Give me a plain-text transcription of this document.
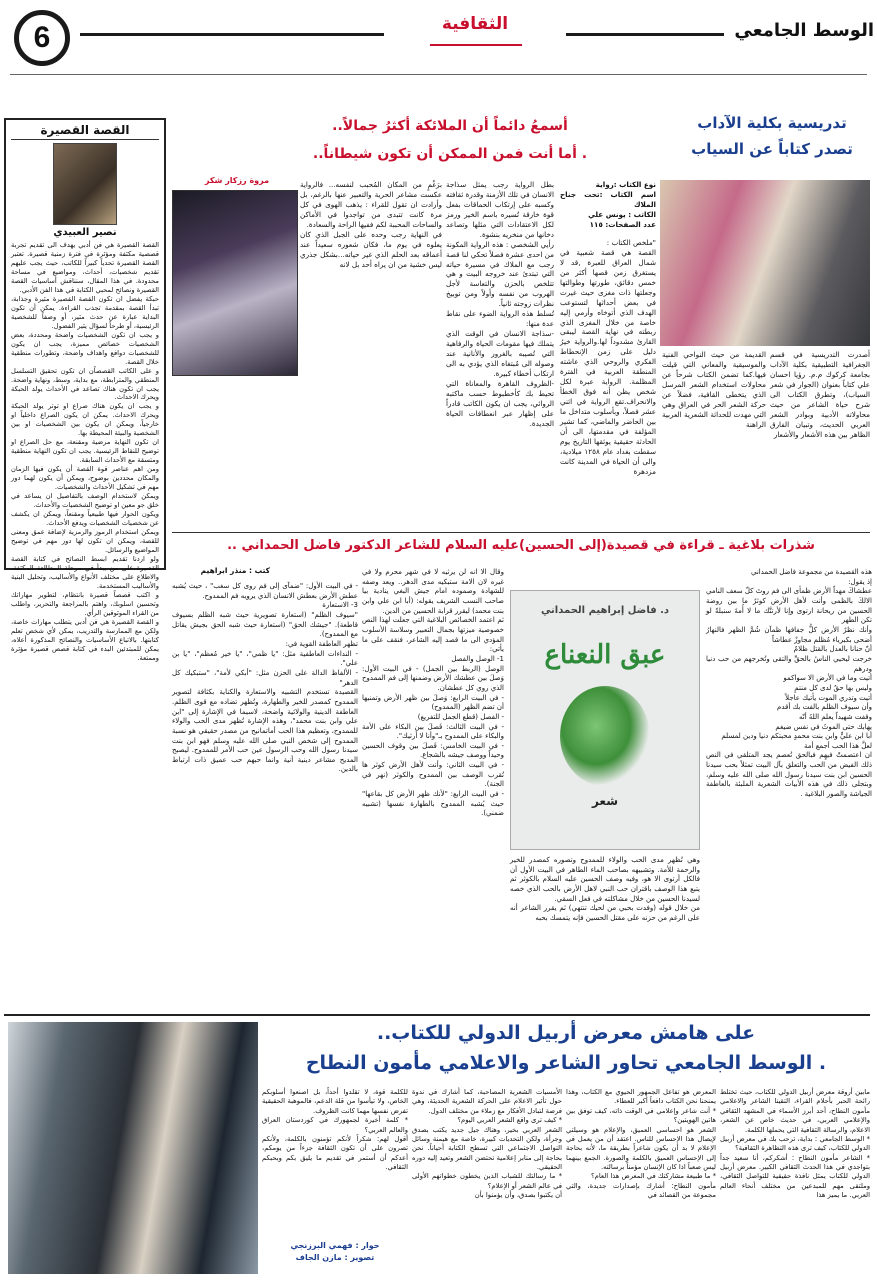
6	الثقافية	الوسط الجامعي
القصة القصيرة
نصير العبيدي
القصة القصيرة هي فن أدبي يهدف الى تقديم تجربة قصصية مكثفة ومؤثرة في فترة زمنية قصيرة. تعتبر القصة القصيرة تحدياً كبيراً للكاتب، حيث يجب عليهم تقديم شخصيات، أحداث، ومواضيع في مساحة محدودة. في هذا المقال، سنناقش أساسيات القصة القصيرة ونصائح لمحبي الكتابة في هذا الفن الأدبي.
حبكة يفضل ان تكون القصة القصيرة مثيرة وجذابة، تبدأ القصة بمقدمة تجذب القراءة. يمكن أن تكون البداية عبارة عن حدث مثير، أو وصفاً للشخصية الرئيسية، أو طرحاً لسؤال يثير الفضول.
و يجب ان تكون الشخصيات واضحة ومحددة، بعض الشخصيات خصائص مميزة، يجب ان يكون للشخصيات دوافع واهداف واضحة، وتطورات منطقية خلال القصة.
و على الكاتب القصصاًن ان تكون تحقيق التسلسل المنطقي والمترابطة، مع بداية، وسط، ونهاية واضحة. يجب ان تكون هناك تصاعد في الأحداث يولد الحبكة ويحرك الاحداث.
و يجب ان يكون هناك صراع او توتر يولد الحبكة ويحرك الاحداث. يمكن ان يكون الصراع داخلياً او خارجياً، ويمكن ان يكون بين الشخصيات او بين الشخصية والبيئة المحيطة بها.
ان تكون النهاية مرضية ومقنعة، مع حل الصراع او توضيح للنقاط الرئيسية. يجب ان تكون النهاية منطقية ومتسقة مع الأحداث السابقة.
ومن اهم عناصر قوة القصة أن يكون فيها الزمان والمكان محددين بوضوح، ويمكن أن يكون لهما دور مهم في تشكيل الأحداث والشخصيات.
ويمكن لاستخدام الوصف بالتفاصيل ان يساعد في خلق جو معين او توضيح الشخصيات والأحداث.
ويكون الحوار فيها طبيعياً ومقنعاً، ويمكن ان يكشف عن شخصيات الشخصيات ويدفع الأحداث.
ويمكن استخدام الرموز والرمزية لإضافة عمق ومعنى للقصة، ويمكن ان تكون لها دور مهم في توضيح المواضيع والرسائل.
ولو اردنا تقديم ابسط النصائح في كتابة القصة القصيرة على من يبدأ في مرحلة المطالعة المكثفة، والاطلاع على مختلف الأنواع والأساليب، وتحليل البنية والأساليب المستخدمة.
و اكتب قصصاً قصيرة بانتظام، لتطوير مهاراتك وتحسين اسلوبك، واهتم بالمراجعة والتحرير، واطلب من القراء الموثوقين الرأي.
و القصة القصيرة هي فن أدبي يتطلب مهارات خاصة، ولكن مع الممارسة والتدريب، يمكن لأي شخص تعلم كتابتها. بالاتباع الأساسيات والنصائح المذكورة أعلاه، يمكن للمبتدئين البدء في كتابة قصص قصيرة مؤثرة وممتعة.
تدريسية بكلية الآداب
تصدر كتاباً عن السياب
أصدرت التدريسية في قسم الجغرافية التطبيقية بكلية الآداب بجامعة كركوك م.م. رؤيا احسان علي كتاباً بعنوان (الجوار في شعر السياب)، وتطرق الكتاب الى شرح حياة الشاعر من حيث محاولاته الأدبية وبوادر الشعر العربي الحديث، وتبيان الفارق الظاهر بين هذه الأشعار والأشعار
القديمة من حيث النواحي الفنية والموسيقية والمعاني التي قيلت فيها.كما تضمن الكتاب شرحاً عن محاولات استخدام الشعر المرسل الذي يتخطى القافية، فضلاً عن حركة الشعر الحر في العراق وهي التي مهدت للحداثة الشعرية العربية الراهنة
أسمعُ دائماً أن الملائكة أكثرُ جمالاً..
. أما أنت فمن الممكن أن تكون شيطاناً..
مروة رزكار شكر	نوع الكتاب :رواية
اسم الكتاب :تحت جناح الملاك
الكاتب : يونس علي
عدد الصفحات: ١١٥
"ملخص الكتاب :
القصة هي قصة شعبية في شمال العراق للعبرة ,قد لا يستغرق زمن قصها أكثر من خمس دقائق، طورتها وطوالتها وجعلتها ذات مغزى حيث غيرت في بعض أحداثها لتستوعب الهدف الذي أتوخاه وأرمي إليه خاصة من خلال المغزى الذي ربطته في نهاية القصة ليبقى القارئ مشدوداً لها.والرواية خيرُ دليل على زمن الإنحطاط الفكري والروحي الذي عاشته المنطقة العربية في الفترة المظلمة. الرواية عبرة لكل شخص يظن أنه فوق الخطأ والانحراف.تقع الرواية في اثني عشر فصلاً، وبأسلوب متداخل ما بين الحاضر والماضي، كما تشير المؤلفة في مقدمتها، الى أن الحادثة حقيقية يوثقها التاريخ يوم سقطت بغداد عام ١٢٥٨ ميلادية، والى أن الحياة في المدينة كانت مزدهرة
بطل الرواية رجب يمثل سذاجة الانسان في تلك الأزمنة وقدرة ثقافته وكسبه على إرتكاب الحماقات بفعل قوة خارقة تُسيره باسم الخير ورمز لكل الاعتقادات التي مثلها وتصاعد دخانها من منخريه بنشوة.
رأيي الشخصي : هذه الرواية المكونة من احدى عشرة فصلاً تحكي لنا قصة رجب مع الملاك في مسيرة حياته التي تبتدئ عند خروجه البيت و هي تتلخص بالحزن والتعاسة لأجل الهروب من نفسه وأولاً ومن توبيخ نظرات زوجته ثانياً.
تُسلط هذه الرواية الضوء على نقاط عدة منها:
-سذاجة الانسان في الوقت الذي يتملك فيها مقومات الحياة والرفاهية التي تُصيبه بالغرور والأنانية عند وصوله الى مُبتغاه الذي يؤدي به الى ارتكاب أخطاء كبيرة.
-الظروف القاهرة والمعاناة التي تحيط بك كأخطبوط حسب ماكتبه الروائي، يجب ان يكون الكاتب قادراً على إظهار عبر انعطافات الحياة الجديدة.
برَغْمٍ من المكان المُحبب لنفسه... فالرواية عكست مشاعر الحرية والتعبير عنها بالرغم، بل وأرادت ان تقول للقراء : يذهب الهوى في كل مرة كانت تتبدى من تواجدوا في الأماكن والساحات المحببة لكم ففيها الراحة والسعادة.
في النهاية رجب وحده على الجبل الذي كان يعلوه في يوم ما، فكان شعوره سعيداً عند أعماقه بعد الحلم الذي غير حياته...بشكل جذري ليس خشية من ان يراه أحد بل لانه
شذرات بلاغية ـ قراءة في قصيدة(إلى الحسين)عليه السلام للشاعر الدكتور فاضل الحمداني ..
كتب : منذر ابراهيم	هذه القصيدة من مجموعة فاضل الحمداني
إذ يقول:
عطشاكَ مهداً الأرض ظمأى الى فم روتَ كلّ سعف النامي الالكَ بالظمى وأنت لأهل الأرض كوثرٌ ما بين روضة الحسين من ريحانة ارتوى وإنا لأرتنَّك ما لا أُمةَ سنبلةً لو تكن الطهر
وأنك نظرٌ الأرض كلُّ جفافها ظمآن شُمَّ الظهر فالنهارُ أضحى بكبرياء مُظلم مجاوزٌ عطاشاً
أنّ حنانا بالعدل بالقتل ظلامٌ
خرجت ليحيي الناسُ بالحقِّ والتقى وتُخرجهم من حب دنيا ودرهم
أتيت وما في الأرض الا سواكمو
وليس بها حقٌ لدى كل منتمِ
أتيت وتدري الموت يأتيك عاجلاً
وأن سيوف الظلم بالفت بك أقدم
وقفت شهيداً يعلم اللهُ أنّه
يهابك حتى الموتُ في نفس ضيغم
أبا ابن عليٍّ وابن بنت محمدٍ محبتكم دنيا ودين لمسلم
لعلَّ هذا الحب أجمع أمة
ان اعتصمتْ فيهِم فبالحق تُعصم يجد المتلقي في النص ذلك الفيض من الحب والتعلق بآل البيت تمثلاً بحب سيدنا الحسين ابن بنت سيدنا رسول الله صلى الله عليه وسلم، وبتجلى ذلك في هذه الأبيات الشعرية الملبئة بالعاطفة الجياشة والصور البلاغية .
د. فاضل إبراهيم الحمداني
عبق النعناع
شعر
وهي تُظهر مدى الحب والولاء للممدوح وتصوره كمصدر للخير والرحمة للأمة. وتشبيهه بصاحب الماء الطاهر في البيت الأول أن فالكل أرتوى الا هو، وفيه وصف الحسين عليه السلام بالكوثر ثم يتبع هذا الوصف باقتران حب النبي لاهل الأرض بالحب الذي خصه لسيدنا الحسين من خلال مشاكلته في فعل السقي.
من خلال قوله (وفدت بحبي من لحيك تنتهي) ثم يقرر الشاعر أنه على الرغم من حزنه على مقتل الحسين فإنه يتمسك بحبه
وقال الا انه لن يرثيه لا في شهر محرم ولا في غيره لان الامة ستبكيه مدى الدهر.. ويعد وصفه للشهادة وصموده امام جيش البغي ينادية بيا صاحب النسب الشريف يقوله: (أبا ابن علي وابن بنت محمد) ليقرر قرابة الحسين من الدين.
ثم اعتمد الخصائص البلاغية التي جعلت لهذا النص خصوصية ميزتها بجمال التعبير وسلاسة الأسلوب المؤدي الى ما قصد إليه الشاعر، فنقف على ما يأتي:
1- الوصل والفصل
الوصل (الربط بين الجمل) - في البيت الأول: وَصلَ بين عطشك الأرض وضمنها إلى فم الممدوح الذي روي كل عطشان.
- في البيت الرابع: وَصلَ بين ظهر الأرض وتمنيها أن تضم الظهر (الممدوح)
- الفصل (قطع الجمل للتفريع)
- في البيت الثالث: فَصلَ بين البكاء على الأمة والبكاء على الممدوح بـ"وأنا لا أرثيك".
- في البيت الخامس: فَصلَ بين وقوف الحسين وحيداً ووصف جيشه بالشجاع.
- في البيت الثاني: وأنت لأهل الأرض كوثر ها تُقرب الوصف بين الممدوح والكوثر (نهر في الجنة).
- في البيت الرابع: "لأنك ظهر الأرض كل بقاعها" حيث يُشبه الممدوح بالطهارة نفسها (تشبيه ضمني).
- في البيت الأول: "ضمآى إلى فم روى كل سغب" ، حيث يُشبه عطش الأرض بعطش الانسان الذي يرويه فم الممدوح.
3- الاستعارة
"سيوف الظلم" (استعارة تصويرية حيث شبه الظلم بسيوف قاطعة). "جيشك الحق" (استعارة حيث شبه الحق بجيش يقاتل مع الممدوح).
تظهر العاطفة القوية في:
- النداءات العاطفية مثل: "يا ظمي"، "يا خير مُعظم"، "يا بن علي".
- الألفاظ الدالة على الحزن مثل: "أبكي لأمة"، "ستبكيك كل الدهر"
القصيدة تستخدم التشبيه والاستعارة والكناية بكثافة لتصوير الممدوح كمصدر للخير والطهارة، وتُظهر تضاده مع قوى الظلم. العاطفة الدينية والولائية واضحة، لاسيما في الإشارة إلى "ابن علي وابن بنت محمد"، وهذه الإشارة تُظهر مدى الحب والولاء للممدوح، وتعظيم هذا الحب أماتمانيح من مصدر حقيقي هو نسبة الممدوح إلى شخص النبي صلى الله عليه وسلم فهو ابن بنت سيدنا رسول الله وحب الرسول عين حب الأمر للممدوح. ليصبح المديح مشاعر دينية أنية وانما حبهم حب عميق ذات ارتباط بالدين.
على هامش معرض أربيل الدولي للكتاب..
. الوسط الجامعي تحاور الشاعر والاعلامي مأمون النطاح
مابين أروقة معرض أربيل الدولي للكتاب، حيث تختلط رائحة الحبر بأحلام القراء، التقينا الشاعر والاعلامي مأمون النطاح، أحد أبرز الأسماء في المشهد الثقافي والإعلامي العربي، في حديث خاص عن الشعر، الاعلام، والرسالة الثقافية التي يحملها الكلمة.
* الوسط الجامعي : بداية، ترحب بك في معرض أربيل الدولي للكتاب، كيف ترى هذه التظاهرة الثقافية؟
* الشاعر مأمون النطاح : أشكركم، أنا سعيد جداً بتواجدي في هذا الحدث الثقافي الكبير. معرض أربيل الدولي للكتاب يمثل نافذة حقيقية للتواصل الثقافي، وملتقى مهم للمبدعين من مختلف أنحاء العالم العربي. ما يميز هذا
المعرض هو تفاعل الجمهور الحيوي مع الكتاب، وهذا يمنحنا نحن الكتاب دافعاً أكبر للعطاء.
* أنت شاعر وإعلامي في الوقت ذاته، كيف توفق بين هاتين الهويتين؟
الشعر هو احساسي العميق، والإعلام هو وسيلتي لإيصال هذا الإحساس للناس. اعتقد أن من يعمل في الإعلام لا بد أن يكون شاعراً بطريقة ما، لأنه بحاجة إلى الإحساس العميق بالكلمة والصورة. الجمع بينهما ليس صعباً اذا كان الإنسان مؤمناً برسالته.
* ما طبيعة مشاركتك في المعرض هذا العام؟
مأمون النطاح: أشارك بإصدارات جديدة، والتي مجموعة من القصائد في
الأمسيات الشعرية المصاحبة، كما أشارك في ندوة حول تأثير الاعلام على الحركة الشعرية الحديثة، وهي فرصة لتبادل الأفكار مع زملاء من مختلف الدول.
* كيف ترى واقع الشعر العربي اليوم؟
الشعر العربي بخير، وهناك جيل جديد يكتب بصدق وجرأة، ولكن التحديات كبيرة، خاصة مع هيمنة وسائل التواصل الاجتماعي التي تسطح الكتابة أحياناً. نحن بحاجة إلى منابر إعلامية تحتضن الشعر وتعيد إليه دوره الحقيقي.
* ما رسالتك للشباب الذين يخطون خطواتهم الأولى في عالم الشعر أو الإعلام؟
أن يكتبوا بصدق، وأن يؤمنوا بأن
للكلمة قوة، لا تقلدوا أحداً، بل اصنعوا أسلوبكم الخاص، ولا تيأسوا من قلة الدعم، فالموهبة الحقيقية تفرض نفسها مهما كانت الظروف.
* كلمة أخيرة لجمهورك في كوردستان العراق والعالم العربي؟
أقول لهم: شكراً لأنكم تؤمنون بالكلمة، ولأنكم تصرون على أن تكون الثقافة جزءاً من يومكم، أعدكم أن أستمر في تقديم ما يليق بكم وبحبكم الثقافي.
حوار : فهمي البرزنجي
تصوير : مازن الجاف
